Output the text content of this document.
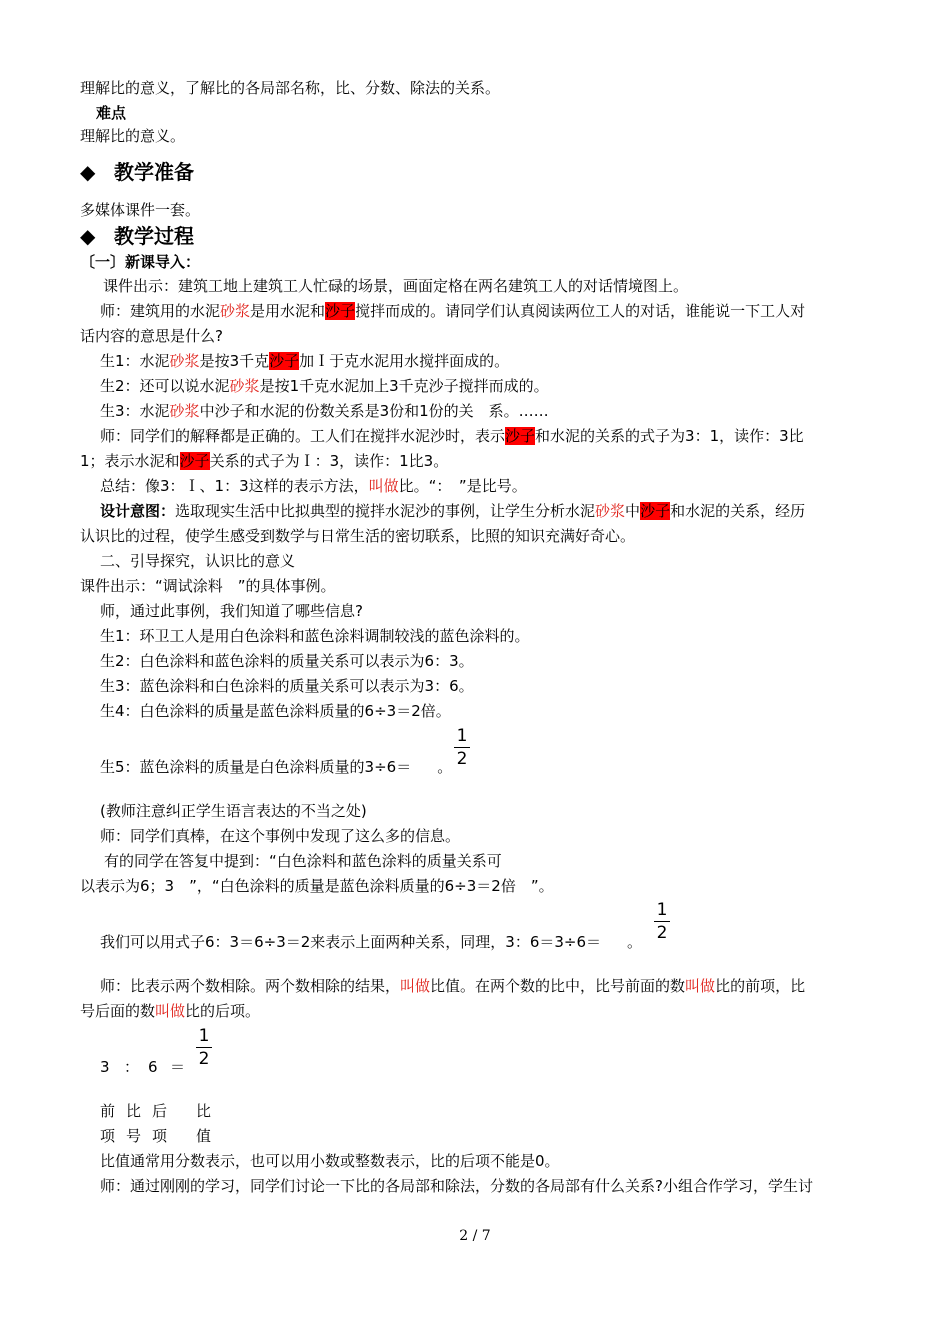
理解比的意义，了解比的各局部名称，比、分数、除法的关系。
难点
理解比的意义。
◆ 教学准备
多媒体课件一套。
◆ 教学过程
〔一〕新课导入：
课件出示：建筑工地上建筑工人忙碌的场景，画面定格在两名建筑工人的对话情境图上。
师：建筑用的水泥砂浆是用水泥和沙子搅拌而成的。请同学们认真阅读两位工人的对话，谁能说一下工人对
话内容的意思是什么?
生1：水泥砂浆是按3千克沙子加Ｉ于克水泥用水搅拌面成的。
生2：还可以说水泥砂浆是按1千克水泥加上3千克沙子搅拌而成的。
生3：水泥砂浆中沙子和水泥的份数关系是3份和1份的关　系。……
师：同学们的解释都是正确的。工人们在搅拌水泥沙时，表示沙子和水泥的关系的式子为3：1，读作：3比
1；表示水泥和沙子关系的式子为Ｉ：3，读作：1比3。
总结：像3：Ｉ、1：3这样的表示方法，叫做比。“：　”是比号。
设计意图：选取现实生活中比拟典型的搅拌水泥沙的事例，让学生分析水泥砂浆中沙子和水泥的关系，经历
认识比的过程，使学生感受到数学与日常生活的密切联系，比照的知识充满好奇心。
二、引导探究，认识比的意义
课件出示：“调试涂料　”的具体事例。
师，通过此事例，我们知道了哪些信息?
生1：环卫工人是用白色涂料和蓝色涂料调制较浅的蓝色涂料的。
生2：白色涂料和蓝色涂料的质量关系可以表示为6：3。
生3：蓝色涂料和白色涂料的质量关系可以表示为3：6。
生4：白色涂料的质量是蓝色涂料质量的6÷3＝2倍。
1
2
生5：蓝色涂料的质量是白色涂料质量的3÷6＝ 。
(教师注意纠正学生语言表达的不当之处)
师：同学们真棒，在这个事例中发现了这么多的信息。
有的同学在答复中提到：“白色涂料和蓝色涂料的质量关系可
以表示为6；3　”，“白色涂料的质量是蓝色涂料质量的6÷3＝2倍　”。
1
2
我们可以用式子6：3＝6÷3＝2来表示上面两种关系，同理，3：6＝3÷6＝ 。
师：比表示两个数相除。两个数相除的结果，叫做比值。在两个数的比中，比号前面的数叫做比的前项，比
号后面的数叫做比的后项。
3 ： 6 ＝
1
2
前 比 后 比
项 号 项 值
比值通常用分数表示，也可以用小数或整数表示，比的后项不能是0。
师：通过刚刚的学习，同学们讨论一下比的各局部和除法，分数的各局部有什么关系?小组合作学习，学生讨
2 / 7
